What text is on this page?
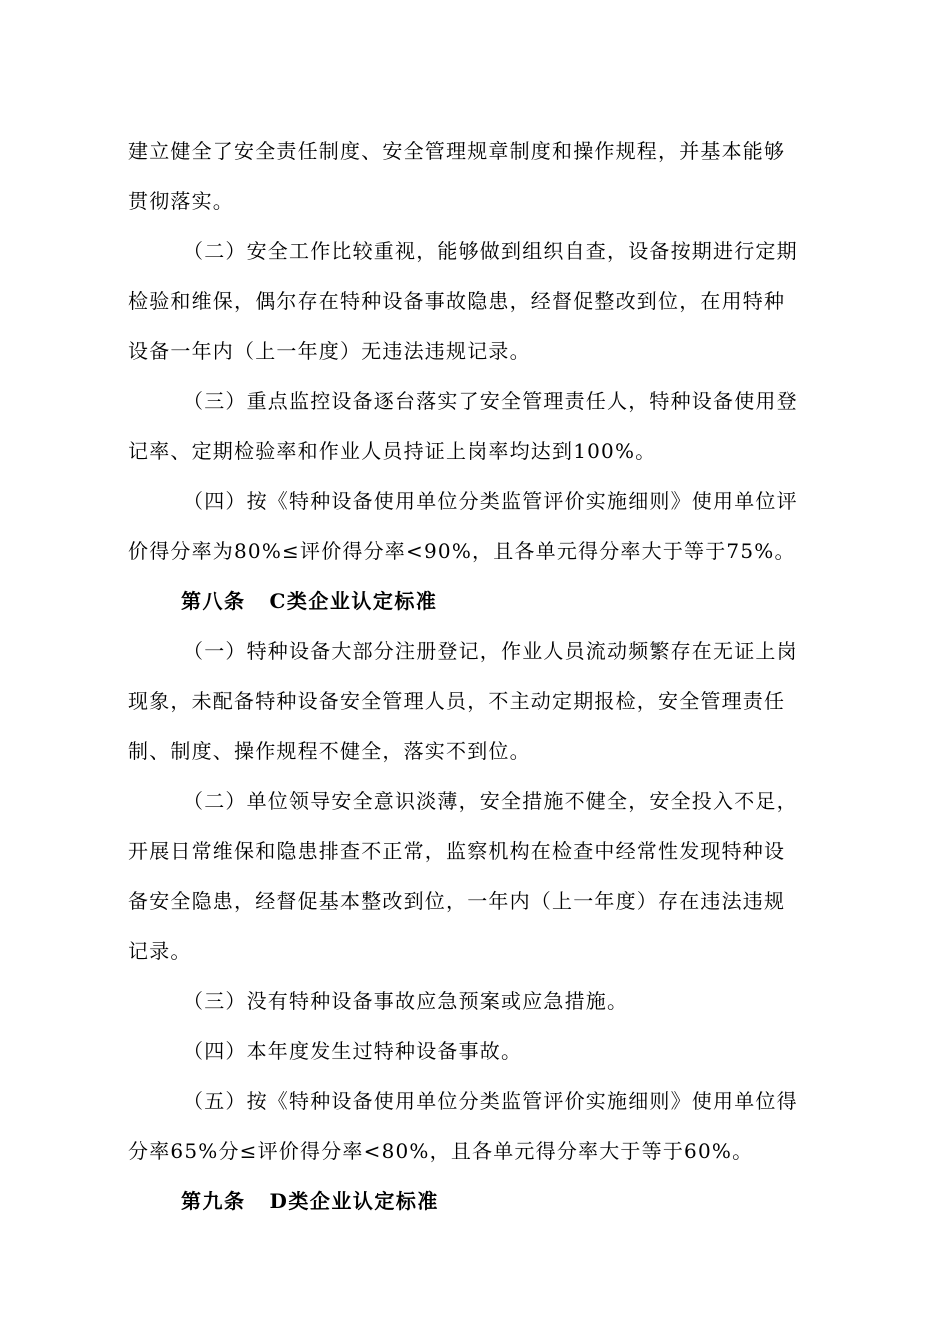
建立健全了安全责任制度、安全管理规章制度和操作规程，并基本能够
贯彻落实。
（二）安全工作比较重视，能够做到组织自查，设备按期进行定期
检验和维保，偶尔存在特种设备事故隐患，经督促整改到位，在用特种
设备一年内（上一年度）无违法违规记录。
（三）重点监控设备逐台落实了安全管理责任人，特种设备使用登
记率、定期检验率和作业人员持证上岗率均达到100%。
（四）按《特种设备使用单位分类监管评价实施细则》使用单位评
价得分率为80%≤评价得分率<90%，且各单元得分率大于等于75%。
第八条 C类企业认定标准
（一）特种设备大部分注册登记，作业人员流动频繁存在无证上岗
现象，未配备特种设备安全管理人员，不主动定期报检，安全管理责任
制、制度、操作规程不健全，落实不到位。
（二）单位领导安全意识淡薄，安全措施不健全，安全投入不足，
开展日常维保和隐患排查不正常，监察机构在检查中经常性发现特种设
备安全隐患，经督促基本整改到位，一年内（上一年度）存在违法违规
记录。
（三）没有特种设备事故应急预案或应急措施。
（四）本年度发生过特种设备事故。
（五）按《特种设备使用单位分类监管评价实施细则》使用单位得
分率65%分≤评价得分率<80%，且各单元得分率大于等于60%。
第九条 D类企业认定标准
